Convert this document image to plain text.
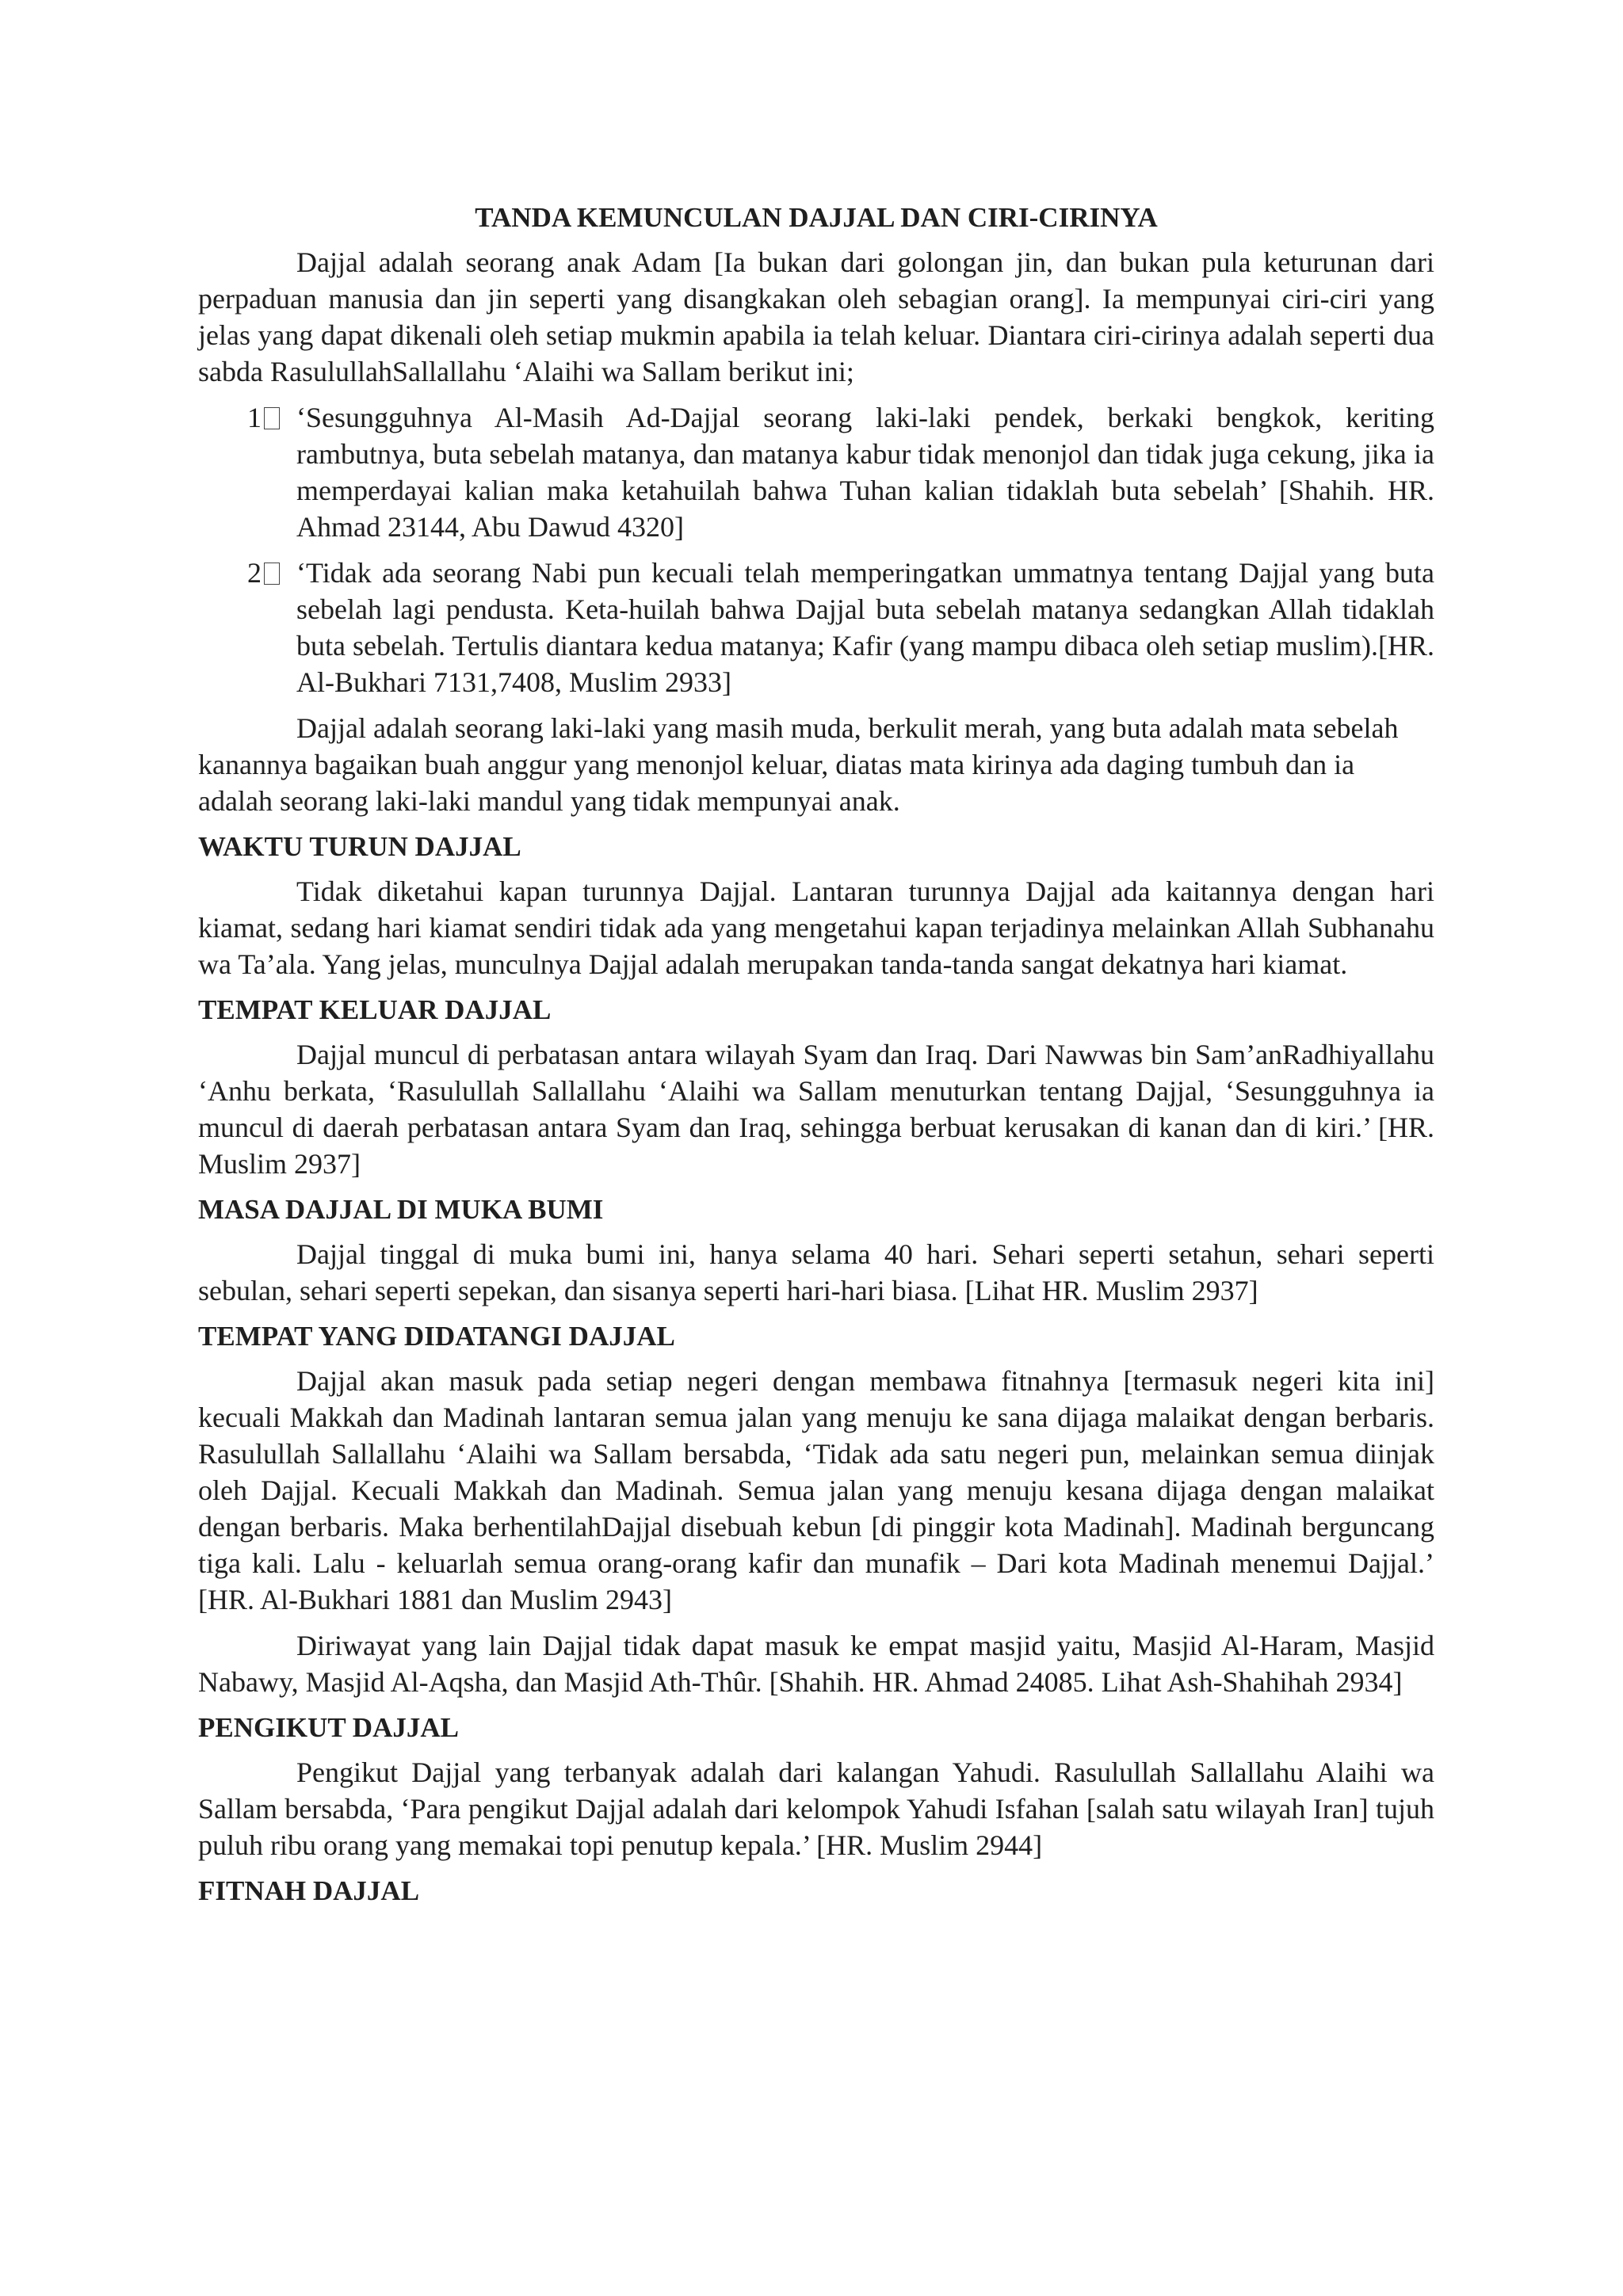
TANDA KEMUNCULAN DAJJAL DAN CIRI-CIRINYA

Dajjal adalah seorang anak Adam [Ia bukan dari golongan jin, dan bukan pula keturunan dari perpaduan manusia dan jin seperti yang disangkakan oleh sebagian orang]. Ia mempunyai ciri-ciri yang jelas yang dapat dikenali oleh setiap mukmin apabila ia telah keluar. Diantara ciri-cirinya adalah seperti dua sabda RasulullahSallallahu ‘Alaihi wa Sallam berikut ini;

1	‘Sesungguhnya Al-Masih Ad-Dajjal seorang laki-laki pendek, berkaki bengkok, keriting rambutnya, buta sebelah matanya, dan matanya kabur tidak menonjol dan tidak juga cekung, jika ia memperdayai kalian maka ketahuilah bahwa Tuhan kalian tidaklah buta sebelah’ [Shahih. HR. Ahmad 23144, Abu Dawud 4320]
2	‘Tidak ada seorang Nabi pun kecuali telah memperingatkan ummatnya tentang Dajjal yang buta sebelah lagi pendusta. Keta-huilah bahwa Dajjal buta sebelah matanya sedangkan Allah tidaklah buta sebelah. Tertulis diantara kedua matanya; Kafir (yang mampu dibaca oleh setiap muslim).[HR. Al-Bukhari 7131,7408, Muslim 2933]

Dajjal adalah seorang laki-laki yang masih muda, berkulit merah, yang buta adalah mata sebelah kanannya bagaikan buah anggur yang menonjol keluar, diatas mata kirinya ada daging tumbuh dan ia adalah seorang laki-laki mandul yang tidak mempunyai anak.

WAKTU TURUN DAJJAL

Tidak diketahui kapan turunnya Dajjal. Lantaran turunnya Dajjal ada kaitannya dengan hari kiamat, sedang hari kiamat sendiri tidak ada yang mengetahui kapan terjadinya melainkan Allah Subhanahu wa Ta’ala. Yang jelas, munculnya Dajjal adalah merupakan tanda-tanda sangat dekatnya hari kiamat.

TEMPAT KELUAR DAJJAL

Dajjal muncul di perbatasan antara wilayah Syam dan Iraq. Dari Nawwas bin Sam’anRadhiyallahu ‘Anhu berkata, ‘Rasulullah Sallallahu ‘Alaihi wa Sallam menuturkan tentang Dajjal, ‘Sesungguhnya ia muncul di daerah perbatasan antara Syam dan Iraq, sehingga berbuat kerusakan di kanan dan di kiri.’ [HR. Muslim 2937]

MASA DAJJAL DI MUKA BUMI

Dajjal tinggal di muka bumi ini, hanya selama 40 hari. Sehari seperti setahun, sehari seperti sebulan, sehari seperti sepekan, dan sisanya seperti hari-hari biasa. [Lihat HR. Muslim 2937]

TEMPAT YANG DIDATANGI DAJJAL

Dajjal akan masuk pada setiap negeri dengan membawa fitnahnya [termasuk negeri kita ini] kecuali Makkah dan Madinah lantaran semua jalan yang menuju ke sana dijaga malaikat dengan berbaris. Rasulullah Sallallahu ‘Alaihi wa Sallam bersabda, ‘Tidak ada satu negeri pun, melainkan semua diinjak oleh Dajjal. Kecuali Makkah dan Madinah. Semua jalan yang menuju kesana dijaga dengan malaikat dengan berbaris. Maka berhentilahDajjal disebuah kebun [di pinggir kota Madinah]. Madinah berguncang tiga kali. Lalu - keluarlah semua orang-orang kafir dan munafik – Dari kota Madinah menemui Dajjal.’ [HR. Al-Bukhari 1881 dan Muslim 2943]

Diriwayat yang lain Dajjal tidak dapat masuk ke empat masjid yaitu, Masjid Al-Haram, Masjid Nabawy, Masjid Al-Aqsha, dan Masjid Ath-Thûr. [Shahih. HR. Ahmad 24085. Lihat Ash-Shahihah 2934]

PENGIKUT DAJJAL

Pengikut Dajjal yang terbanyak adalah dari kalangan Yahudi. Rasulullah Sallallahu Alaihi wa Sallam bersabda, ‘Para pengikut Dajjal adalah dari kelompok Yahudi Isfahan [salah satu wilayah Iran] tujuh puluh ribu orang yang memakai topi penutup kepala.’ [HR. Muslim 2944]

FITNAH DAJJAL
